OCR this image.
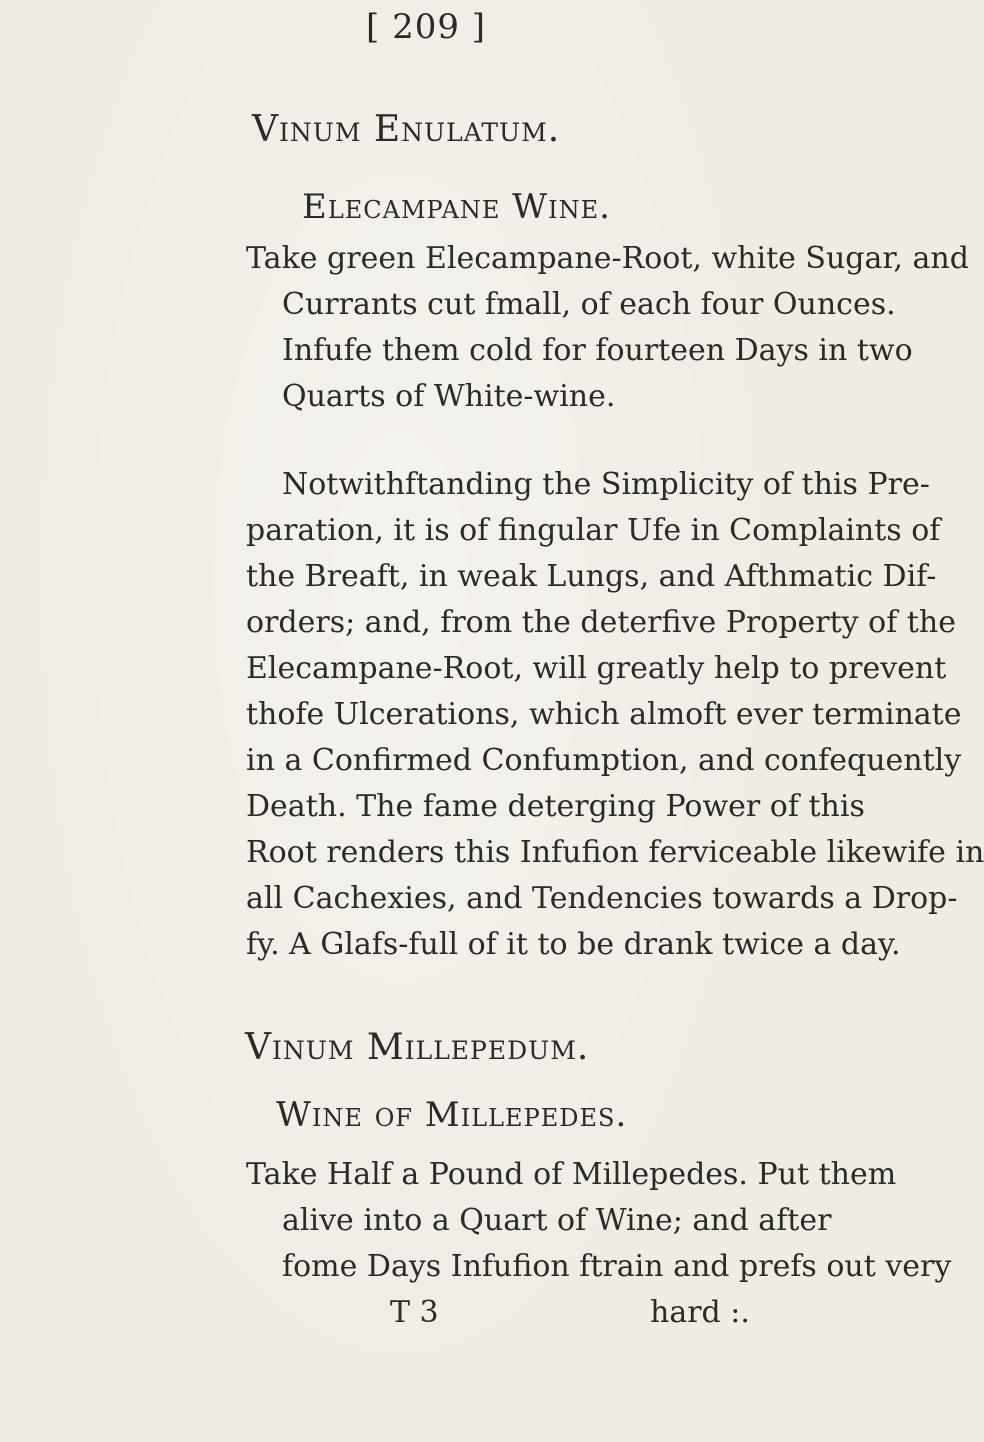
[ 209 ]
Vinum Enulatum.
Elecampane Wine.
Take green Elecampane-Root, white Sugar, and
Currants cut fmall, of each four Ounces.
Infufe them cold for fourteen Days in two
Quarts of White-wine.
Notwithftanding the Simplicity of this Pre-
paration, it is of fingular Ufe in Complaints of
the Breaft, in weak Lungs, and Afthmatic Dif-
orders; and, from the deterfive Property of the
Elecampane-Root, will greatly help to prevent
thofe Ulcerations, which almoft ever terminate
in a Confirmed Confumption, and confequently
Death. The fame deterging Power of this
Root renders this Infufion ferviceable likewife in
all Cachexies, and Tendencies towards a Drop-
fy. A Glafs-full of it to be drank twice a day.
Vinum Millepedum.
Wine of Millepedes.
Take Half a Pound of Millepedes. Put them
alive into a Quart of Wine; and after
fome Days Infufion ftrain and prefs out very
T 3	hard :.
